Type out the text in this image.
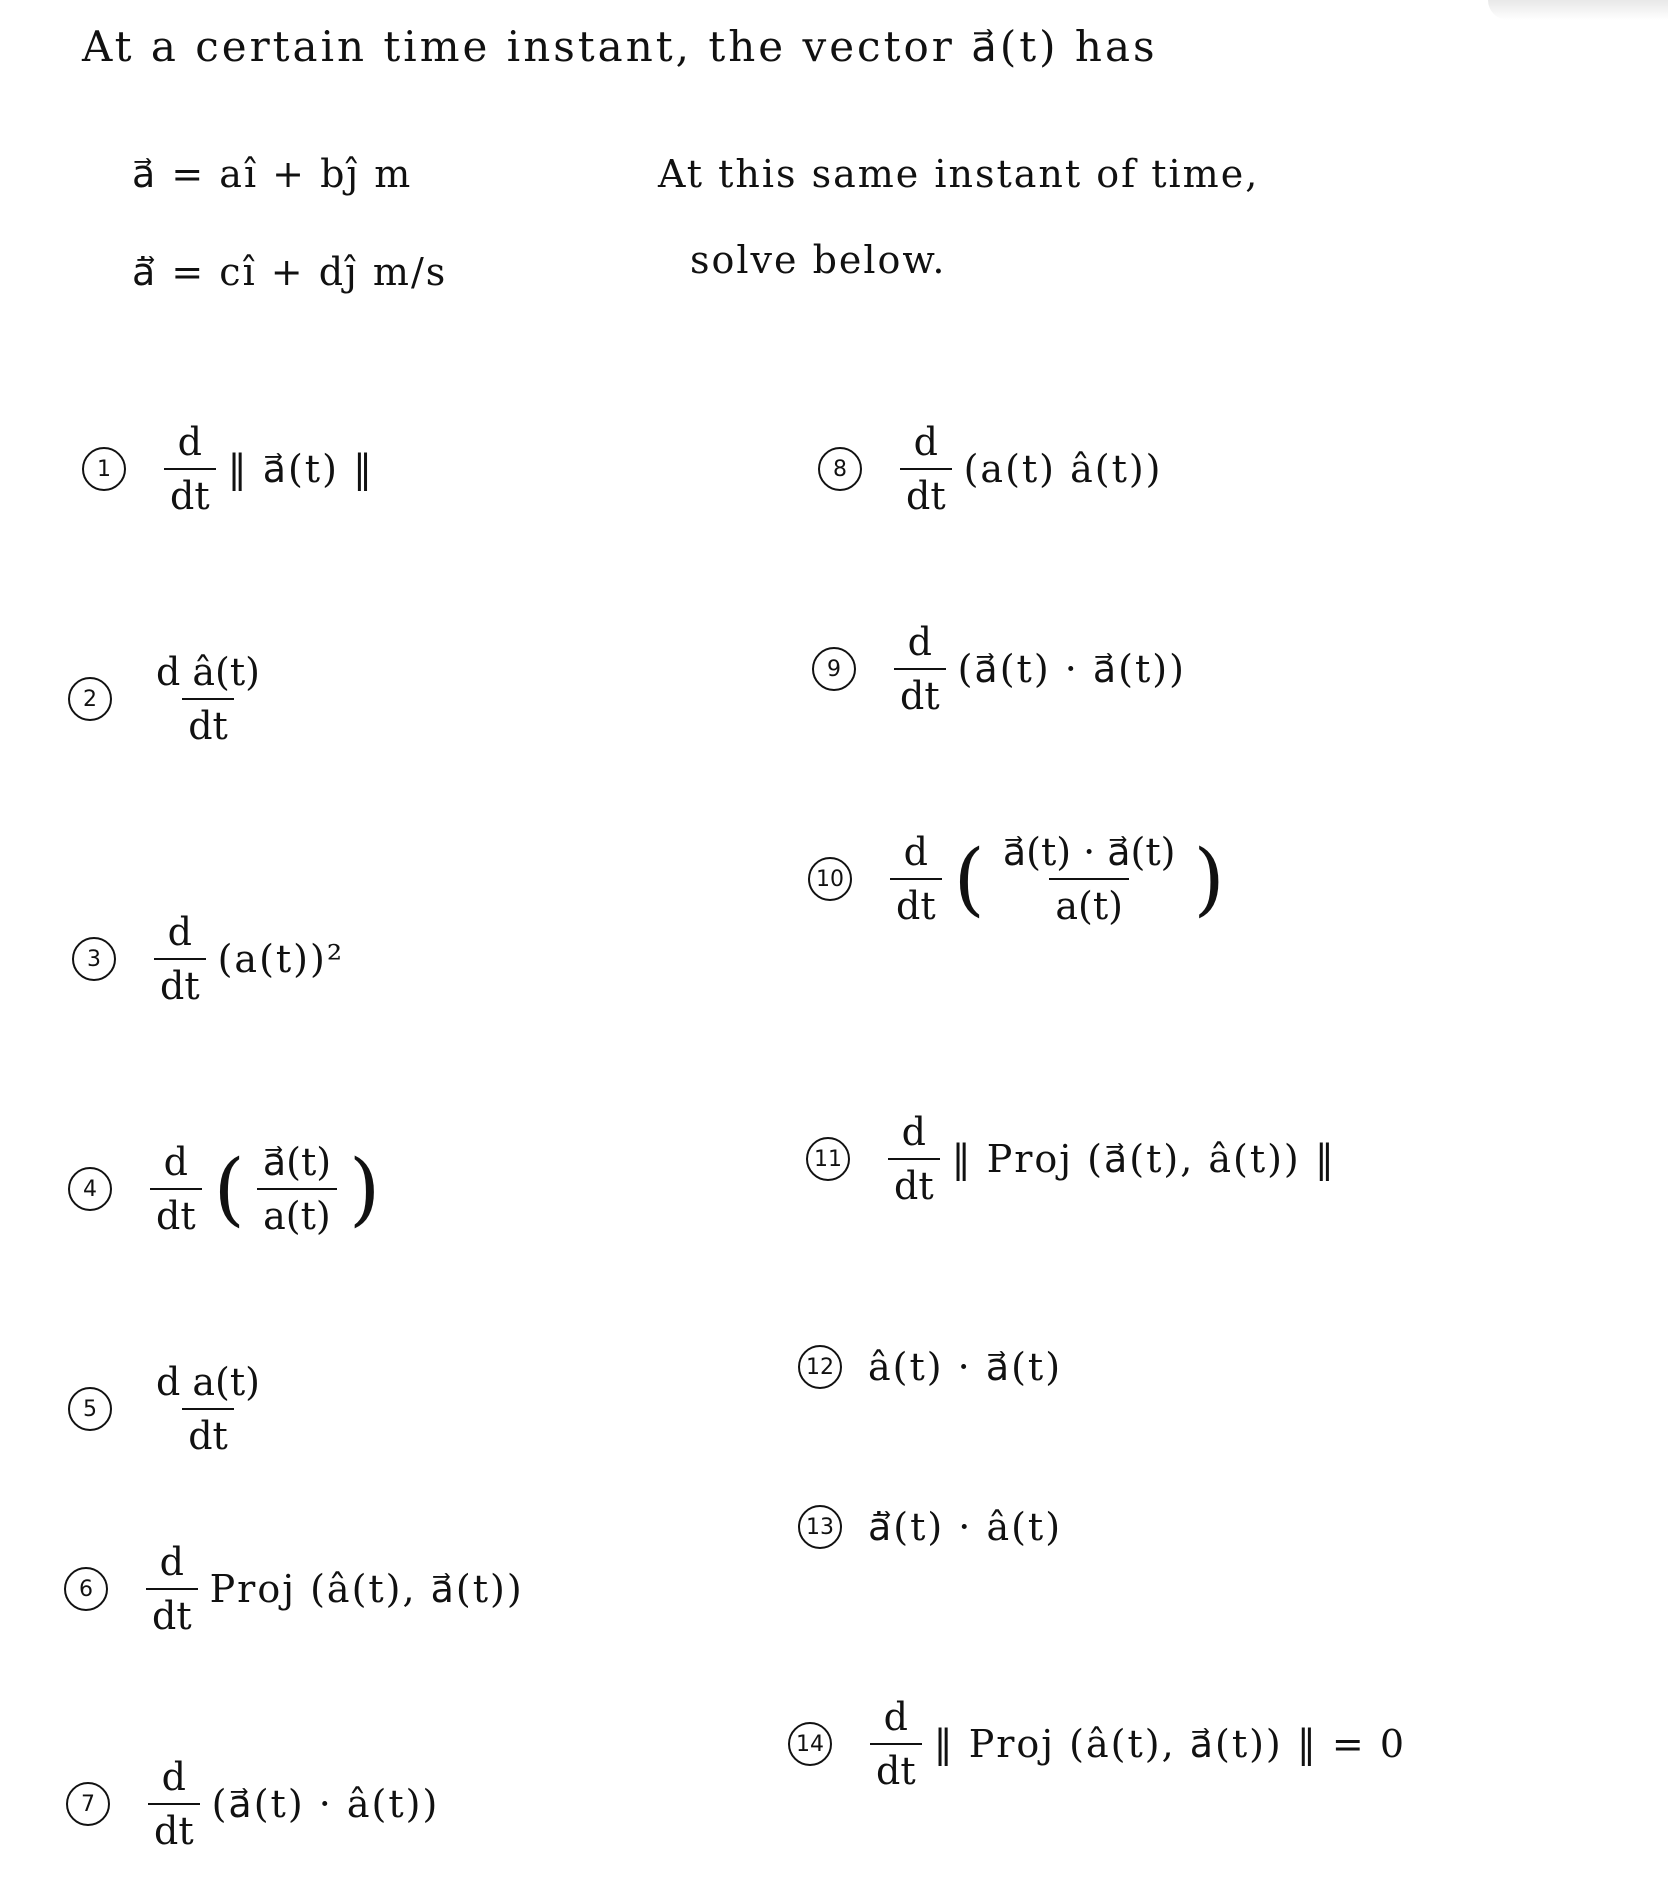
At a certain time instant, the vector a⃗(t) has
a⃗ = aî + bĵ m
ȧ⃗ = cî + dĵ m/s
At this same instant of time,
solve below.
1	$\frac{d}{dt}$ ‖ a⃗(t) ‖
2	$\frac{\text{d â(t)}}{dt}$
3	$\frac{d}{dt} (a(t))^2$
4	$\frac{d}{dt}$ ( $\frac{a⃗(t)}{a(t)}$ )
5	$\frac{\text{d a(t)}}{dt}$
6	$\frac{d}{dt}$ Proj (â(t), a⃗(t))
7	$\frac{d}{dt}$ (a⃗(t) · â(t))
8	$\frac{d}{dt} (a(t)$ â(t))
9	$\frac{d}{dt}$ (a⃗(t) · a⃗(t))
$10 \frac{d}{dt}$ ( $\frac{a⃗(t) \cdot a⃗(t)}{a(t)}$ )
$11 \frac{d}{dt}$ ‖ Proj (a⃗(t), â(t)) ‖
12 â(t) · a⃗(t)
13 ȧ⃗(t) · â(t)
$14 \frac{d}{dt}$ ‖ Proj (â(t), a⃗(t)) ‖ = 0
